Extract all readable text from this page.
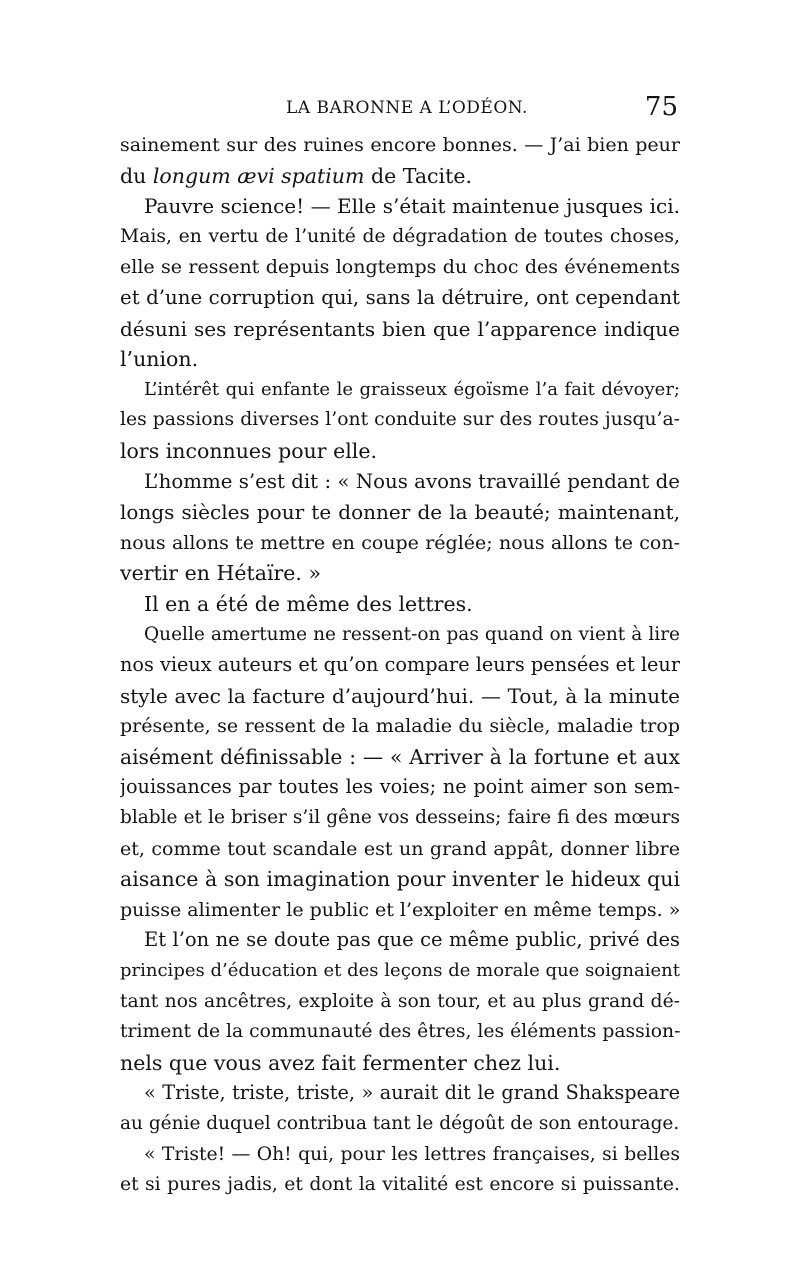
LA BARONNE A L’ODÉON.	75
sainement sur des ruines encore bonnes. — J’ai bien peur
du longum ævi spatium de Tacite.
Pauvre science! — Elle s’était maintenue jusques ici.
Mais, en vertu de l’unité de dégradation de toutes choses,
elle se ressent depuis longtemps du choc des événements
et d’une corruption qui, sans la détruire, ont cependant
désuni ses représentants bien que l’apparence indique
l’union.
L’intérêt qui enfante le graisseux égoïsme l’a fait dévoyer;
les passions diverses l’ont conduite sur des routes jusqu’a-
lors inconnues pour elle.
L’homme s’est dit : « Nous avons travaillé pendant de
longs siècles pour te donner de la beauté; maintenant,
nous allons te mettre en coupe réglée; nous allons te con-
vertir en Hétaïre. »
Il en a été de même des lettres.
Quelle amertume ne ressent-on pas quand on vient à lire
nos vieux auteurs et qu’on compare leurs pensées et leur
style avec la facture d’aujourd’hui. — Tout, à la minute
présente, se ressent de la maladie du siècle, maladie trop
aisément définissable : — « Arriver à la fortune et aux
jouissances par toutes les voies; ne point aimer son sem-
blable et le briser s’il gêne vos desseins; faire fi des mœurs
et, comme tout scandale est un grand appât, donner libre
aisance à son imagination pour inventer le hideux qui
puisse alimenter le public et l’exploiter en même temps. »
Et l’on ne se doute pas que ce même public, privé des
principes d’éducation et des leçons de morale que soignaient
tant nos ancêtres, exploite à son tour, et au plus grand dé-
triment de la communauté des êtres, les éléments passion-
nels que vous avez fait fermenter chez lui.
« Triste, triste, triste, » aurait dit le grand Shakspeare
au génie duquel contribua tant le dégoût de son entourage.
« Triste! — Oh! qui, pour les lettres françaises, si belles
et si pures jadis, et dont la vitalité est encore si puissante.
